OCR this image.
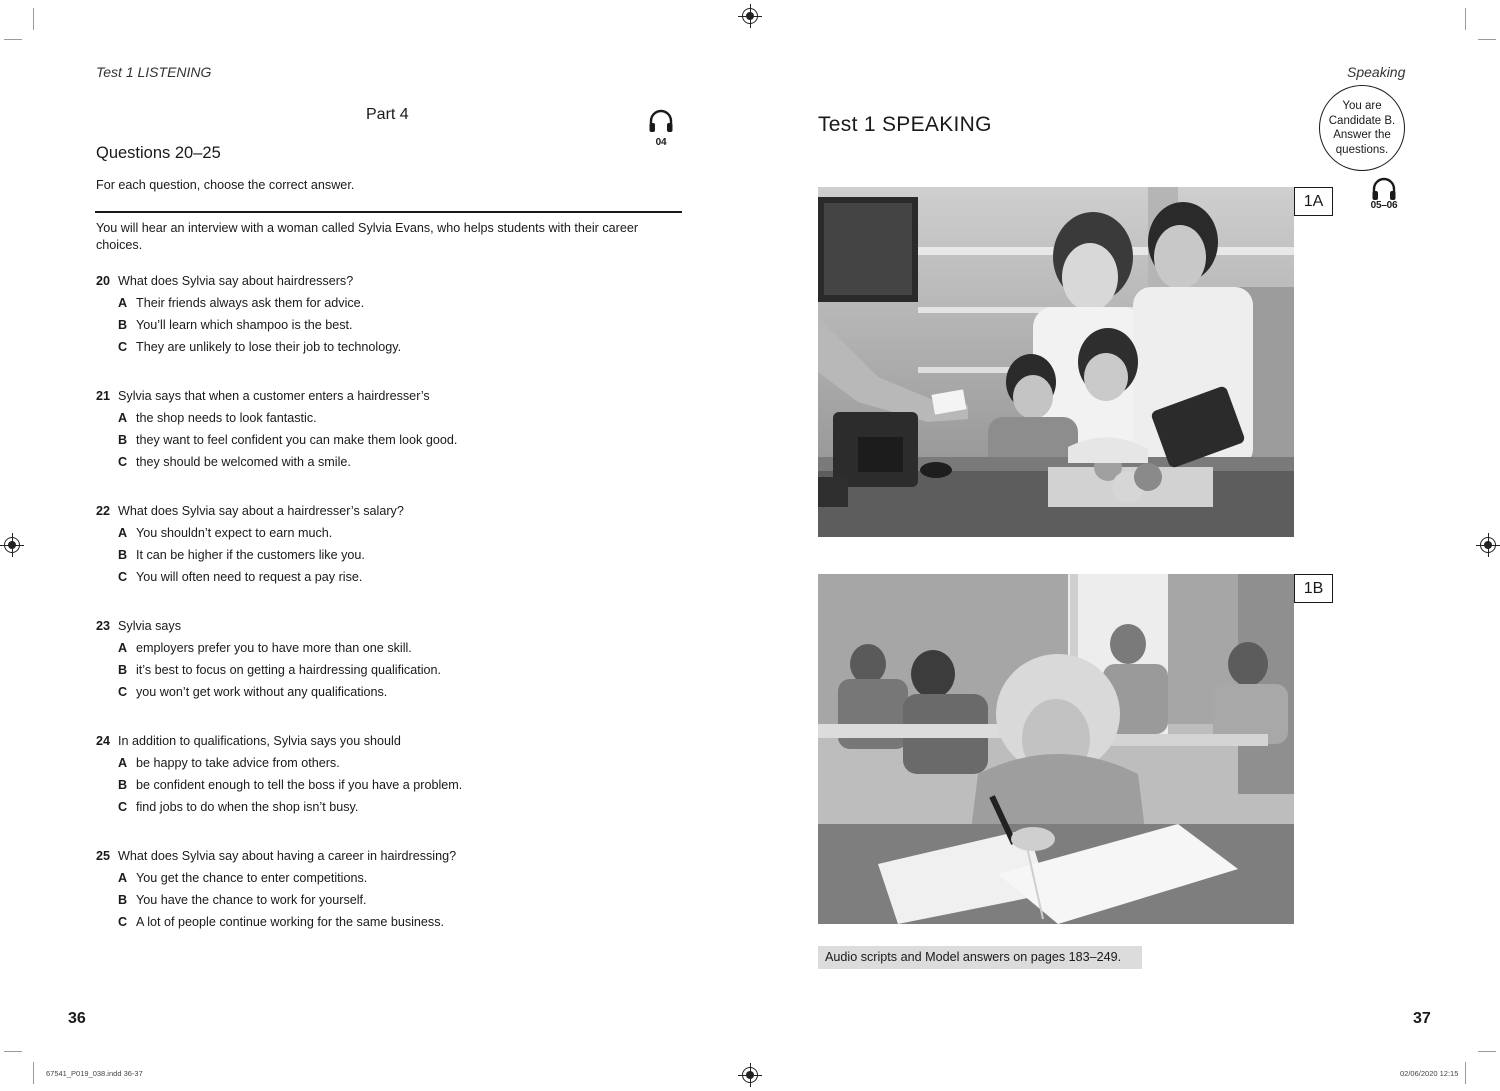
Test 1 LISTENING
Part 4
04
Questions 20–25
For each question, choose the correct answer.
You will hear an interview with a woman called Sylvia Evans, who helps students with their career choices.
20 What does Sylvia say about hairdressers?
A Their friends always ask them for advice.
B You’ll learn which shampoo is the best.
C They are unlikely to lose their job to technology.
21 Sylvia says that when a customer enters a hairdresser’s
A the shop needs to look fantastic.
B they want to feel confident you can make them look good.
C they should be welcomed with a smile.
22 What does Sylvia say about a hairdresser’s salary?
A You shouldn’t expect to earn much.
B It can be higher if the customers like you.
C You will often need to request a pay rise.
23 Sylvia says
A employers prefer you to have more than one skill.
B it’s best to focus on getting a hairdressing qualification.
C you won’t get work without any qualifications.
24 In addition to qualifications, Sylvia says you should
A be happy to take advice from others.
B be confident enough to tell the boss if you have a problem.
C find jobs to do when the shop isn’t busy.
25 What does Sylvia say about having a career in hairdressing?
A You get the chance to enter competitions.
B You have the chance to work for yourself.
C A lot of people continue working for the same business.
36
67541_P019_038.indd 36-37
Speaking
Test 1 SPEAKING
You are Candidate B. Answer the questions.
05–06
1A
1B
Audio scripts and Model answers on pages 183–249.
37
02/06/2020 12:15
